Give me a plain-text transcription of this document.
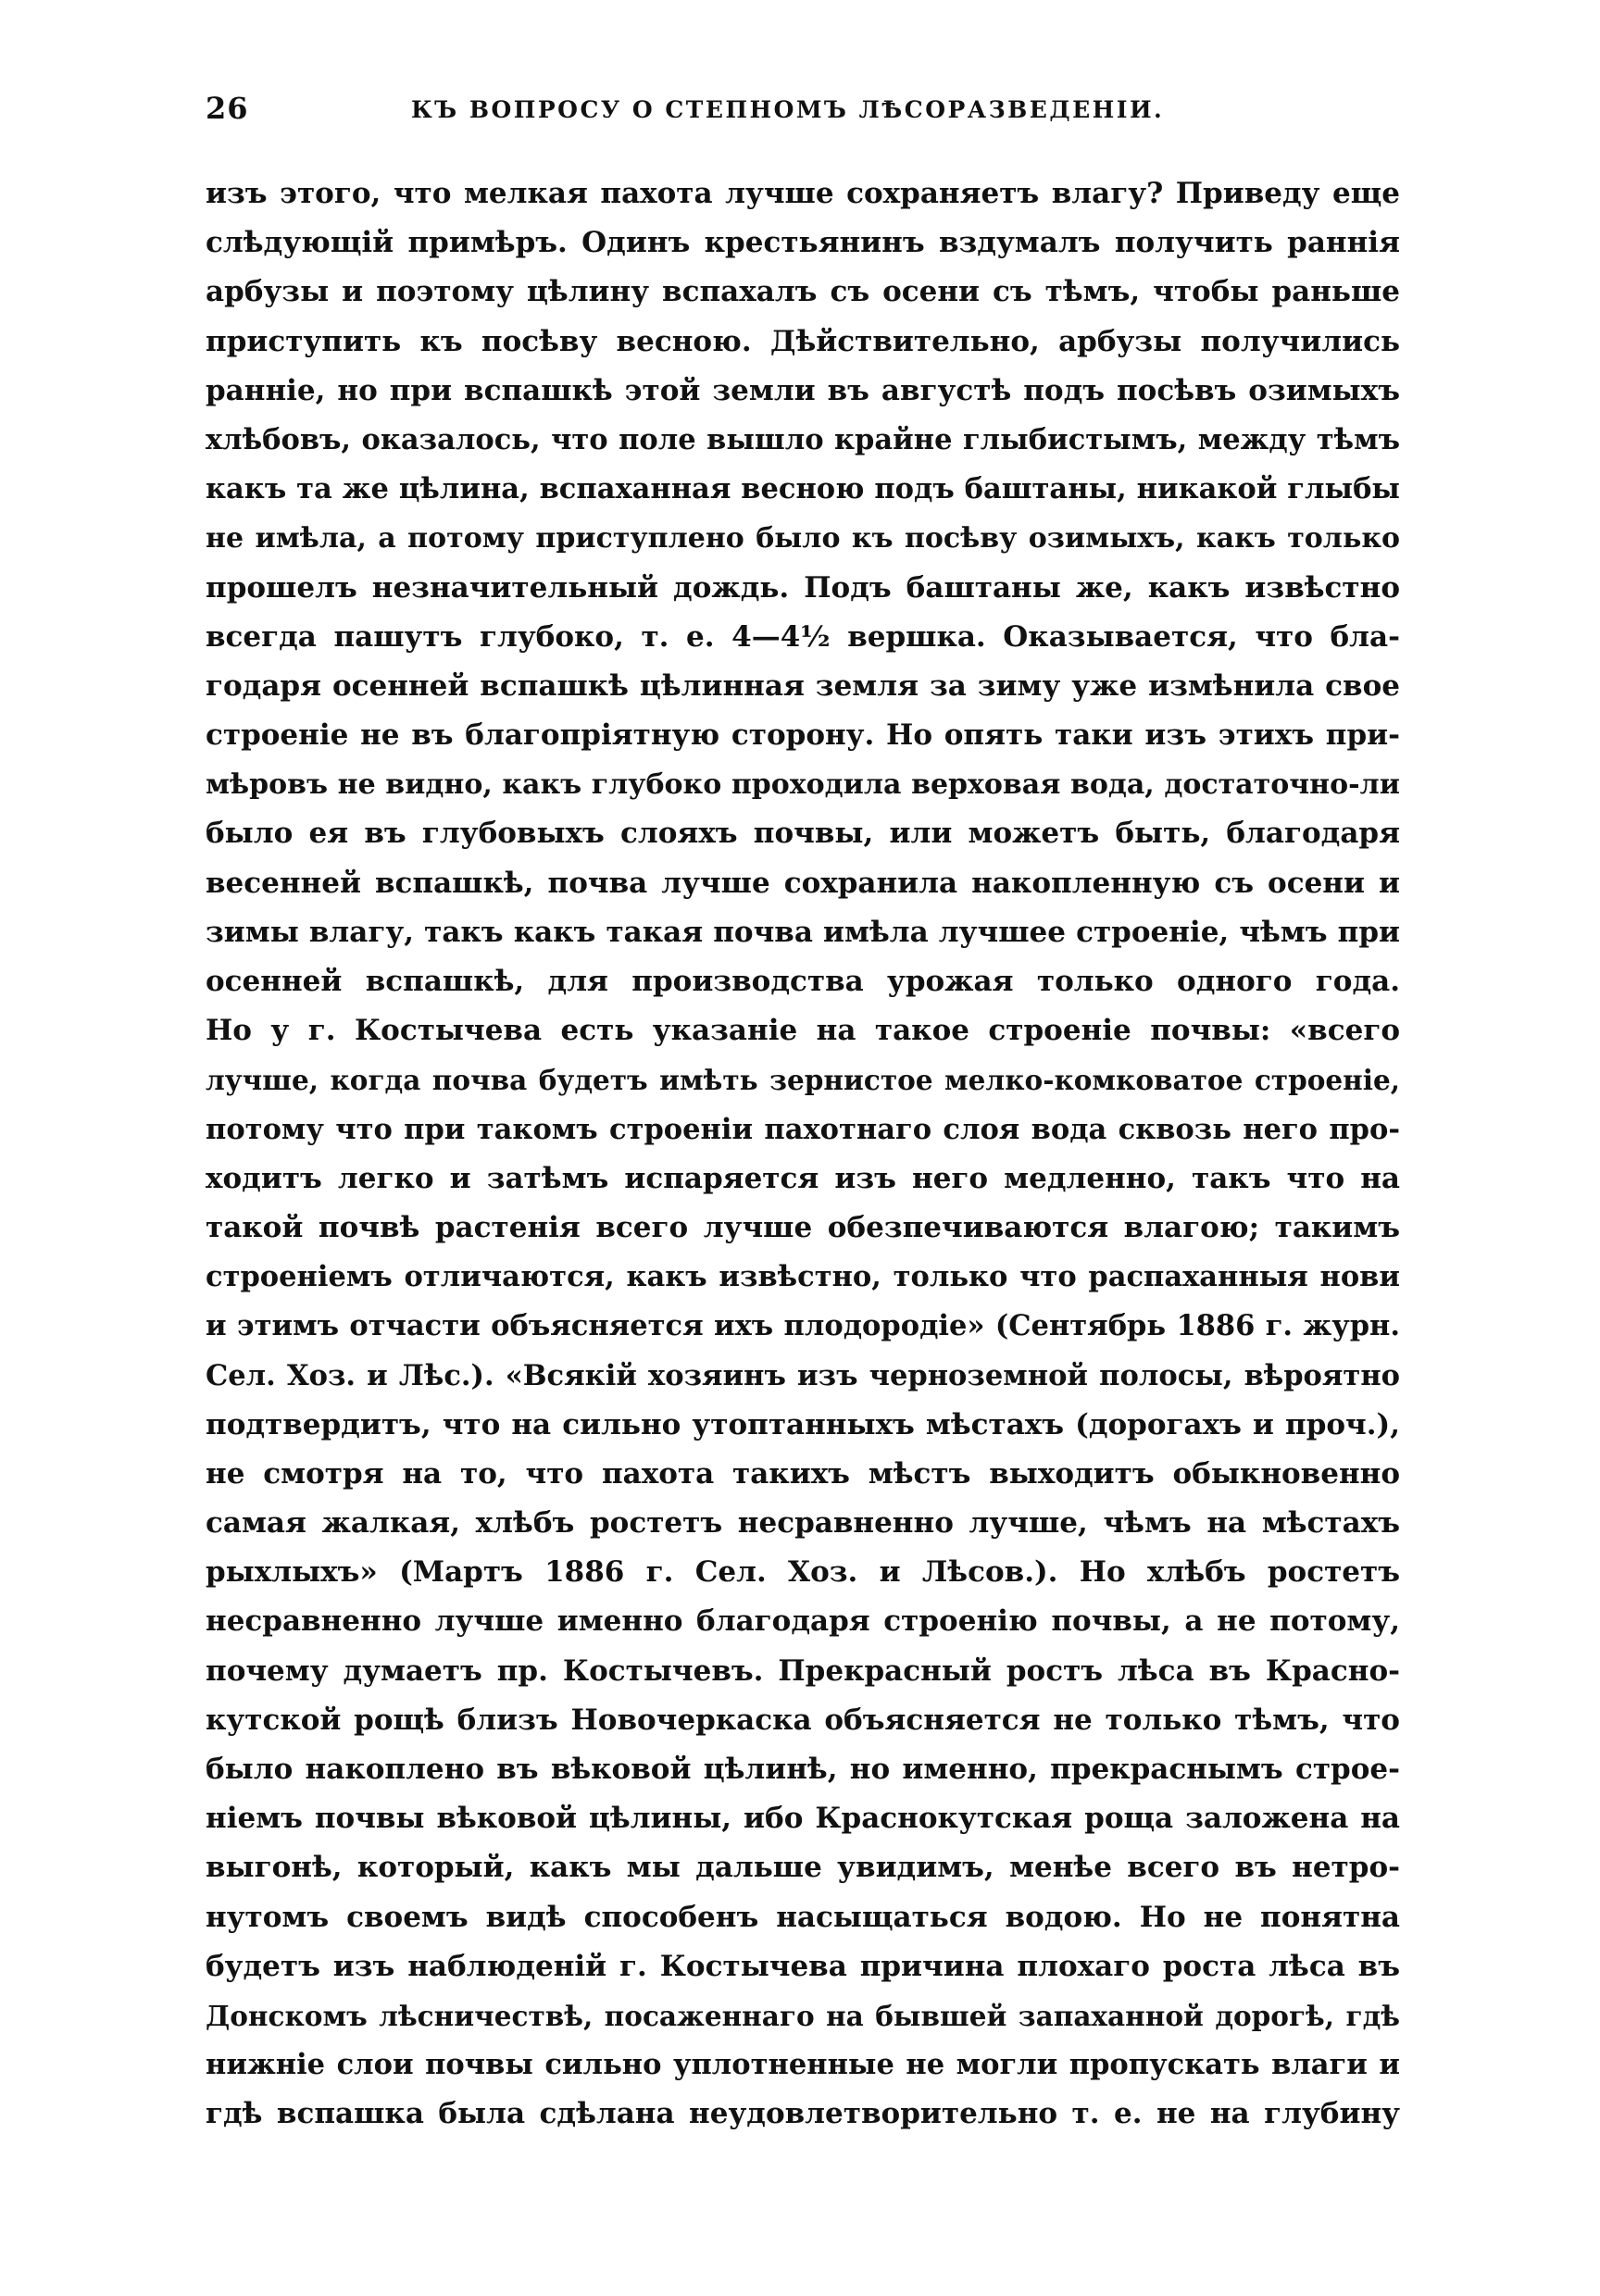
26	КЪ ВОПРОСУ О СТЕПНОМЪ ЛѢСОРАЗВЕДЕНІИ.
изъ этого, что мелкая пахота лучше сохраняетъ влагу? Приведу еще
слѣдующій примѣръ. Одинъ крестьянинъ вздумалъ получить раннія
арбузы и поэтому цѣлину вспахалъ съ осени съ тѣмъ, чтобы раньше
приступить къ посѣву весною. Дѣйствительно, арбузы получились
ранніе, но при вспашкѣ этой земли въ августѣ подъ посѣвъ озимыхъ
хлѣбовъ, оказалось, что поле вышло крайне глыбистымъ, между тѣмъ
какъ та же цѣлина, вспаханная весною подъ баштаны, никакой глыбы
не имѣла, а потому приступлено было къ посѣву озимыхъ, какъ только
прошелъ незначительный дождь. Подъ баштаны же, какъ извѣстно
всегда пашутъ глубоко, т. е. 4—4½ вершка. Оказывается, что бла-
годаря осенней вспашкѣ цѣлинная земля за зиму уже измѣнила свое
строеніе не въ благопріятную сторону. Но опять таки изъ этихъ при-
мѣровъ не видно, какъ глубоко проходила верховая вода, достаточно-ли
было ея въ глубовыхъ слояхъ почвы, или можетъ быть, благодаря
весенней вспашкѣ, почва лучше сохранила накопленную съ осени и
зимы влагу, такъ какъ такая почва имѣла лучшее строеніе, чѣмъ при
осенней вспашкѣ, для производства урожая только одного года.
Но у г. Костычева есть указаніе на такое строеніе почвы: «всего
лучше, когда почва будетъ имѣть зернистое мелко-комковатое строеніе,
потому что при такомъ строеніи пахотнаго слоя вода сквозь него про-
ходитъ легко и затѣмъ испаряется изъ него медленно, такъ что на
такой почвѣ растенія всего лучше обезпечиваются влагою; такимъ
строеніемъ отличаются, какъ извѣстно, только что распаханныя нови
и этимъ отчасти объясняется ихъ плодородіе» (Сентябрь 1886 г. журн.
Сел. Хоз. и Лѣс.). «Всякій хозяинъ изъ черноземной полосы, вѣроятно
подтвердитъ, что на сильно утоптанныхъ мѣстахъ (дорогахъ и проч.),
не смотря на то, что пахота такихъ мѣстъ выходитъ обыкновенно
самая жалкая, хлѣбъ ростетъ несравненно лучше, чѣмъ на мѣстахъ
рыхлыхъ» (Мартъ 1886 г. Сел. Хоз. и Лѣсов.). Но хлѣбъ ростетъ
несравненно лучше именно благодаря строенію почвы, а не потому,
почему думаетъ пр. Костычевъ. Прекрасный ростъ лѣса въ Красно-
кутской рощѣ близъ Новочеркаска объясняется не только тѣмъ, что
было накоплено въ вѣковой цѣлинѣ, но именно, прекраснымъ строе-
ніемъ почвы вѣковой цѣлины, ибо Краснокутская роща заложена на
выгонѣ, который, какъ мы дальше увидимъ, менѣе всего въ нетро-
нутомъ своемъ видѣ способенъ насыщаться водою. Но не понятна
будетъ изъ наблюденій г. Костычева причина плохаго роста лѣса въ
Донскомъ лѣсничествѣ, посаженнаго на бывшей запаханной дорогѣ, гдѣ
нижніе слои почвы сильно уплотненные не могли пропускать влаги и
гдѣ вспашка была сдѣлана неудовлетворительно т. е. не на глубину
